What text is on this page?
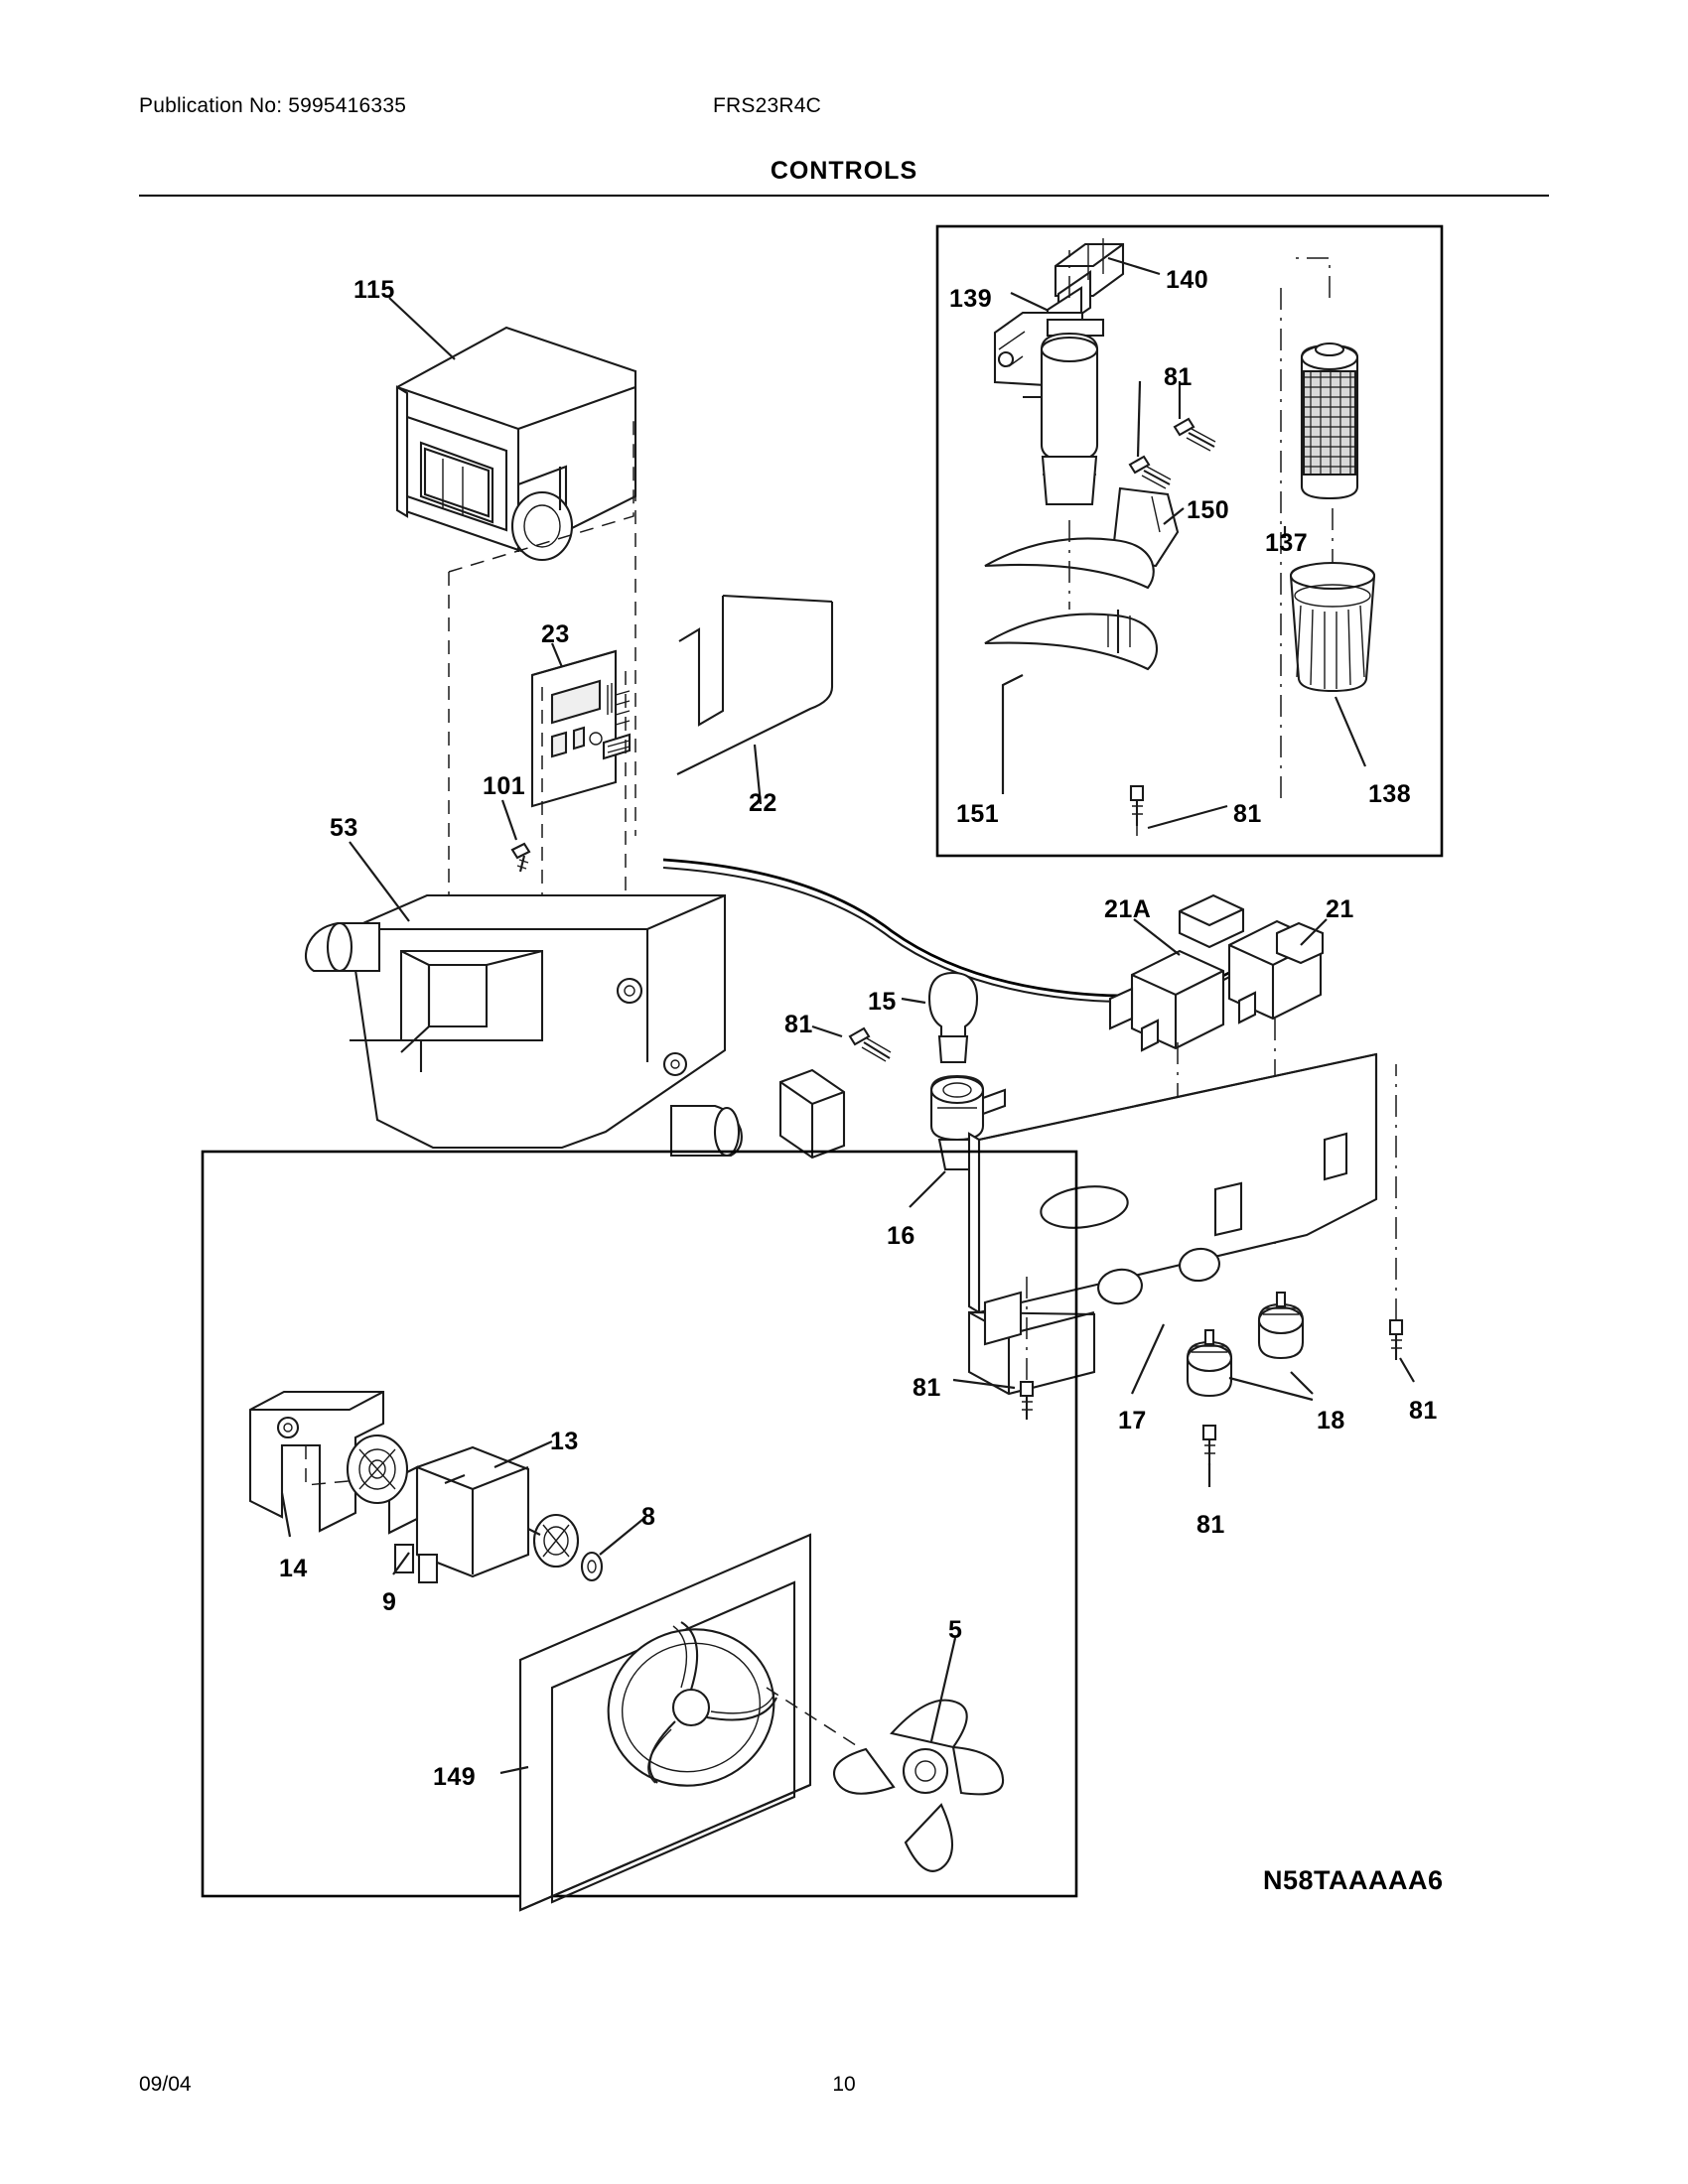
Publication No: 5995416335	FRS23R4C
CONTROLS
115	139
140
81
150
137
138
151	81
23
22
101
53
21A	21
15
81
16
81
17	18	81
81
13
8
14
9
5
149
N58TAAAAA6
09/04	10
